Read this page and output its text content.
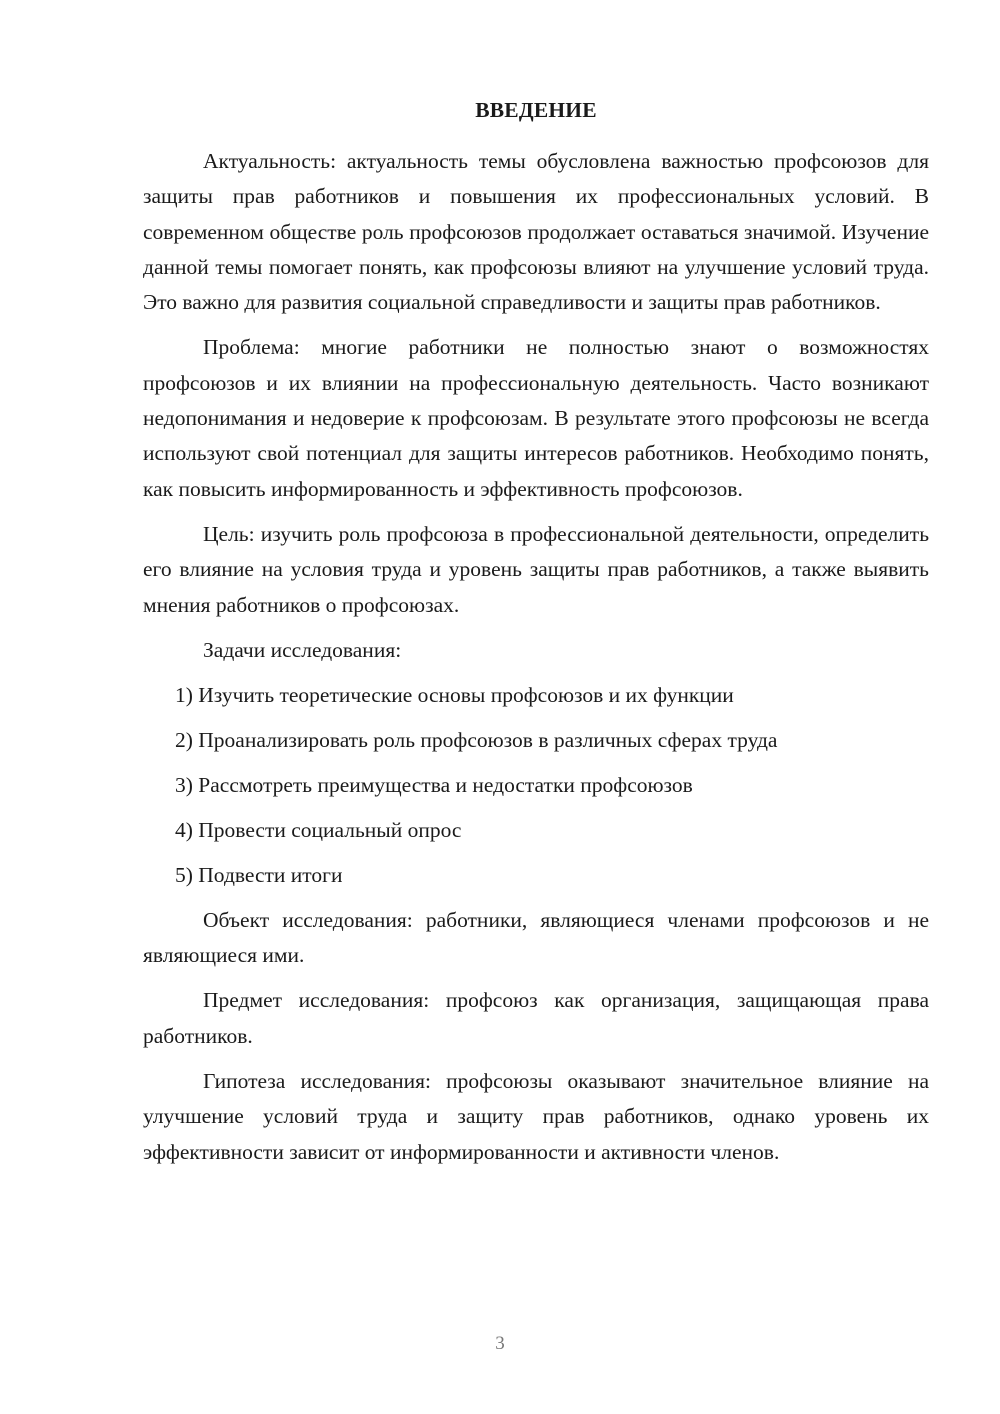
ВВЕДЕНИЕ

Актуальность: актуальность темы обусловлена важностью профсоюзов для защиты прав работников и повышения их профессиональных условий. В современном обществе роль профсоюзов продолжает оставаться значимой. Изучение данной темы помогает понять, как профсоюзы влияют на улучшение условий труда. Это важно для развития социальной справедливости и защиты прав работников.

Проблема: многие работники не полностью знают о возможностях профсоюзов и их влиянии на профессиональную деятельность. Часто возникают недопонимания и недоверие к профсоюзам. В результате этого профсоюзы не всегда используют свой потенциал для защиты интересов работников. Необходимо понять, как повысить информированность и эффективность профсоюзов.

Цель: изучить роль профсоюза в профессиональной деятельности, определить его влияние на условия труда и уровень защиты прав работников, а также выявить мнения работников о профсоюзах.

Задачи исследования:
1) Изучить теоретические основы профсоюзов и их функции
2) Проанализировать роль профсоюзов в различных сферах труда
3) Рассмотреть преимущества и недостатки профсоюзов
4) Провести социальный опрос
5) Подвести итоги

Объект исследования: работники, являющиеся членами профсоюзов и не являющиеся ими.

Предмет исследования: профсоюз как организация, защищающая права работников.

Гипотеза исследования: профсоюзы оказывают значительное влияние на улучшение условий труда и защиту прав работников, однако уровень их эффективности зависит от информированности и активности членов.

3
